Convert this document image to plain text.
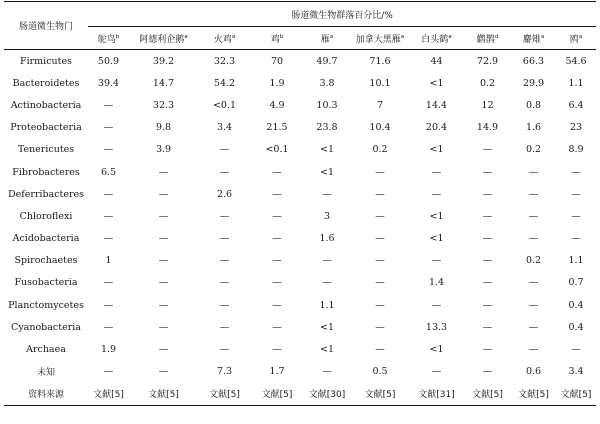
肠道微生物门	肠道微生物群落百分比/%									
	鸵鸟$^b$	阿德利企鹅$^a$	火鸡$^a$	鸡$^b$	雁$^a$	加拿大黑雁$^a$	白头鹤$^a$	鹳鹊$^d$	麝雉$^a$	鸥$^a$
Firmicutes	50.9	39.2	32.3	70	49.7	71.6	44	72.9	66.3	54.6
Bacteroidetes	39.4	14.7	54.2	1.9	3.8	10.1	<1	0.2	29.9	1.1
Actinobacteria	—	32.3	<0.1	4.9	10.3	7	14.4	12	0.8	6.4
Proteobacteria	—	9.8	3.4	21.5	23.8	10.4	20.4	14.9	1.6	23
Tenericutes	—	3.9	—	<0.1	<1	0.2	<1	—	0.2	8.9
Fibrobacteres	6.5	—	—	—	<1	—	—	—	—	—
Deferribacteres	—	—	2.6	—	—	—	—	—	—	—
Chloroflexi	—	—	—	—	3	—	<1	—	—	—
Acidobacteria	—	—	—	—	1.6	—	<1	—	—	—
Spirochaetes	1	—	—	—	—	—	—	—	0.2	1.1
Fusobacteria	—	—	—	—	—	—	1.4	—	—	0.7
Planctomycetes	—	—	—	—	1.1	—	—	—	—	0.4
Cyanobacteria	—	—	—	—	<1	—	13.3	—	—	0.4
Archaea	1.9	—	—	—	<1	—	<1	—	—	—
未知	—	—	7.3	1.7	—	0.5	—	—	0.6	3.4
资料来源	文献[5]	文献[5]	文献[5]	文献[5]	文献[30]	文献[5]	文献[31]	文献[5]	文献[5]	文献[5]
